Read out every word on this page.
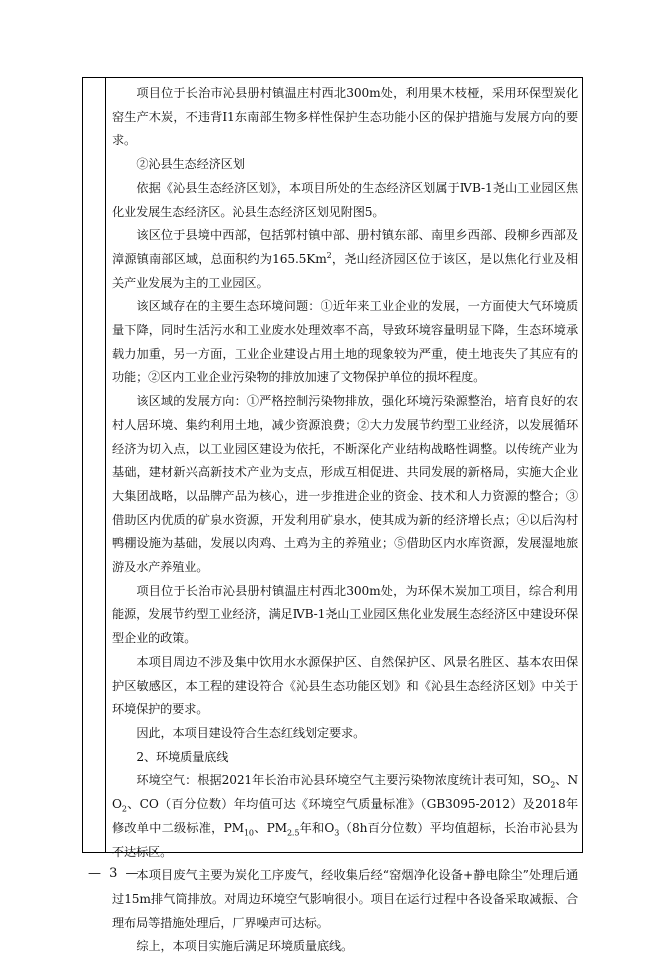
项目位于长治市沁县册村镇温庄村西北300m处，利用果木枝桠，采用环保型炭化窑生产木炭，不违背I1东南部生物多样性保护生态功能小区的保护措施与发展方向的要求。

②沁县生态经济区划

依据《沁县生态经济区划》，本项目所处的生态经济区划属于ⅣB-1尧山工业园区焦化业发展生态经济区。沁县生态经济区划见附图5。

该区位于县境中西部，包括郭村镇中部、册村镇东部、南里乡西部、段柳乡西部及漳源镇南部区域，总面积约为165.5Km$^2$，尧山经济园区位于该区，是以焦化行业及相关产业发展为主的工业园区。

该区域存在的主要生态环境问题：①近年来工业企业的发展，一方面使大气环境质量下降，同时生活污水和工业废水处理效率不高，导致环境容量明显下降，生态环境承载力加重，另一方面，工业企业建设占用土地的现象较为严重，使土地丧失了其应有的功能；②区内工业企业污染物的排放加速了文物保护单位的损坏程度。

该区域的发展方向：①严格控制污染物排放，强化环境污染源整治，培育良好的农村人居环境、集约利用土地，减少资源浪费；②大力发展节约型工业经济，以发展循环经济为切入点，以工业园区建设为依托，不断深化产业结构战略性调整。以传统产业为基础，建材新兴高新技术产业为支点，形成互相促进、共同发展的新格局，实施大企业大集团战略，以品牌产品为核心，进一步推进企业的资金、技术和人力资源的整合；③借助区内优质的矿泉水资源，开发利用矿泉水，使其成为新的经济增长点；④以后沟村鸭棚设施为基础，发展以肉鸡、土鸡为主的养殖业；⑤借助区内水库资源，发展湿地旅游及水产养殖业。

项目位于长治市沁县册村镇温庄村西北300m处，为环保木炭加工项目，综合利用能源，发展节约型工业经济，满足ⅣB-1尧山工业园区焦化业发展生态经济区中建设环保型企业的政策。

本项目周边不涉及集中饮用水水源保护区、自然保护区、风景名胜区、基本农田保护区敏感区，本工程的建设符合《沁县生态功能区划》和《沁县生态经济区划》中关于环境保护的要求。

因此，本项目建设符合生态红线划定要求。

2、环境质量底线

环境空气：根据2021年长治市沁县环境空气主要污染物浓度统计表可知，$SO_2$、$NO_2$、CO（百分位数）年均值可达《环境空气质量标准》（GB3095-2012）及2018年修改单中二级标准，$PM_{10}$、$PM_{2.5}$年和$O_3(8h$百分位数）平均值超标，长治市沁县为不达标区。

本项目废气主要为炭化工序废气，经收集后经“窑烟净化设备+静电除尘”处理后通过15m排气筒排放。对周边环境空气影响很小。项目在运行过程中各设备采取减振、合理布局等措施处理后，厂界噪声可达标。

综上，本项目实施后满足环境质量底线。

— 3 —
